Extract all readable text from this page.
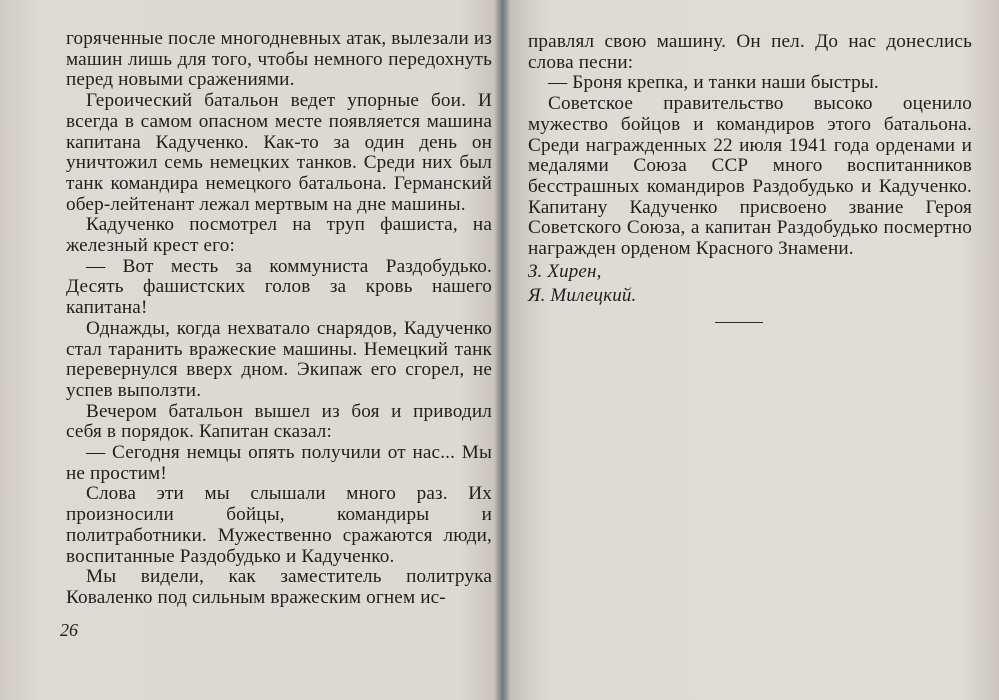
горяченные после многодневных атак, вылезали из машин лишь для того, чтобы немного передохнуть перед новыми сражениями.

Героический батальон ведет упорные бои. И всегда в самом опасном месте появляется машина капитана Кадученко. Как-то за один день он уничтожил семь немецких танков. Среди них был танк командира немецкого батальона. Германский обер-лейтенант лежал мертвым на дне машины.

Кадученко посмотрел на труп фашиста, на железный крест его:

— Вот месть за коммуниста Раздобудько. Десять фашистских голов за кровь нашего капитана!

Однажды, когда нехватало снарядов, Кадученко стал таранить вражеские машины. Немецкий танк перевернулся вверх дном. Экипаж его сгорел, не успев выползти.

Вечером батальон вышел из боя и приводил себя в порядок. Капитан сказал:

— Сегодня немцы опять получили от нас... Мы не простим!

Слова эти мы слышали много раз. Их произносили бойцы, командиры и политработники. Мужественно сражаются люди, воспитанные Раздобудько и Кадученко.

Мы видели, как заместитель политрука Коваленко под сильным вражеским огнем ис-

26

правлял свою машину. Он пел. До нас донеслись слова песни:

— Броня крепка, и танки наши быстры.

Советское правительство высоко оценило мужество бойцов и командиров этого батальона. Среди награжденных 22 июля 1941 года орденами и медалями Союза ССР много воспитанников бесстрашных командиров Раздобудько и Кадученко. Капитану Кадученко присвоено звание Героя Советского Союза, а капитан Раздобудько посмертно награжден орденом Красного Знамени.

З. Хирен,

Я. Милецкий.
